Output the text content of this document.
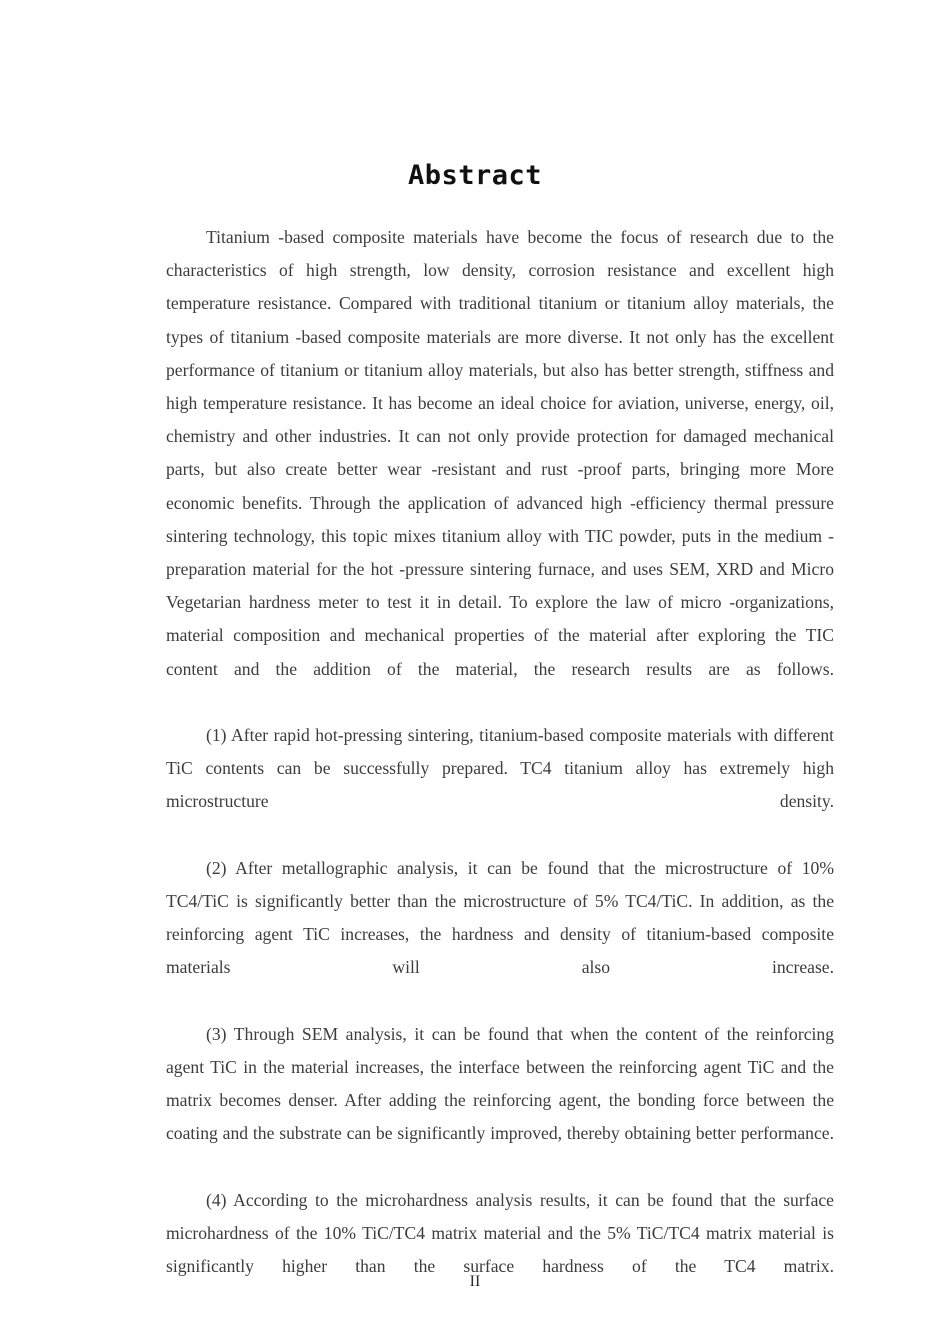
Abstract

Titanium -based composite materials have become the focus of research due to the characteristics of high strength, low density, corrosion resistance and excellent high temperature resistance. Compared with traditional titanium or titanium alloy materials, the types of titanium -based composite materials are more diverse. It not only has the excellent performance of titanium or titanium alloy materials, but also has better strength, stiffness and high temperature resistance. It has become an ideal choice for aviation, universe, energy, oil, chemistry and other industries. It can not only provide protection for damaged mechanical parts, but also create better wear -resistant and rust -proof parts, bringing more More economic benefits. Through the application of advanced high -efficiency thermal pressure sintering technology, this topic mixes titanium alloy with TIC powder, puts in the medium -preparation material for the hot -pressure sintering furnace, and uses SEM, XRD and Micro Vegetarian hardness meter to test it in detail. To explore the law of micro -organizations, material composition and mechanical properties of the material after exploring the TIC content and the addition of the material, the research results are as follows.

(1) After rapid hot-pressing sintering, titanium-based composite materials with different TiC contents can be successfully prepared. TC4 titanium alloy has extremely high microstructure density.

(2) After metallographic analysis, it can be found that the microstructure of 10% TC4/TiC is significantly better than the microstructure of 5% TC4/TiC. In addition, as the reinforcing agent TiC increases, the hardness and density of titanium-based composite materials will also increase.

(3) Through SEM analysis, it can be found that when the content of the reinforcing agent TiC in the material increases, the interface between the reinforcing agent TiC and the matrix becomes denser. After adding the reinforcing agent, the bonding force between the coating and the substrate can be significantly improved, thereby obtaining better performance.

(4) According to the microhardness analysis results, it can be found that the surface microhardness of the 10% TiC/TC4 matrix material and the 5% TiC/TC4 matrix material is significantly higher than the surface hardness of the TC4 matrix.

II
